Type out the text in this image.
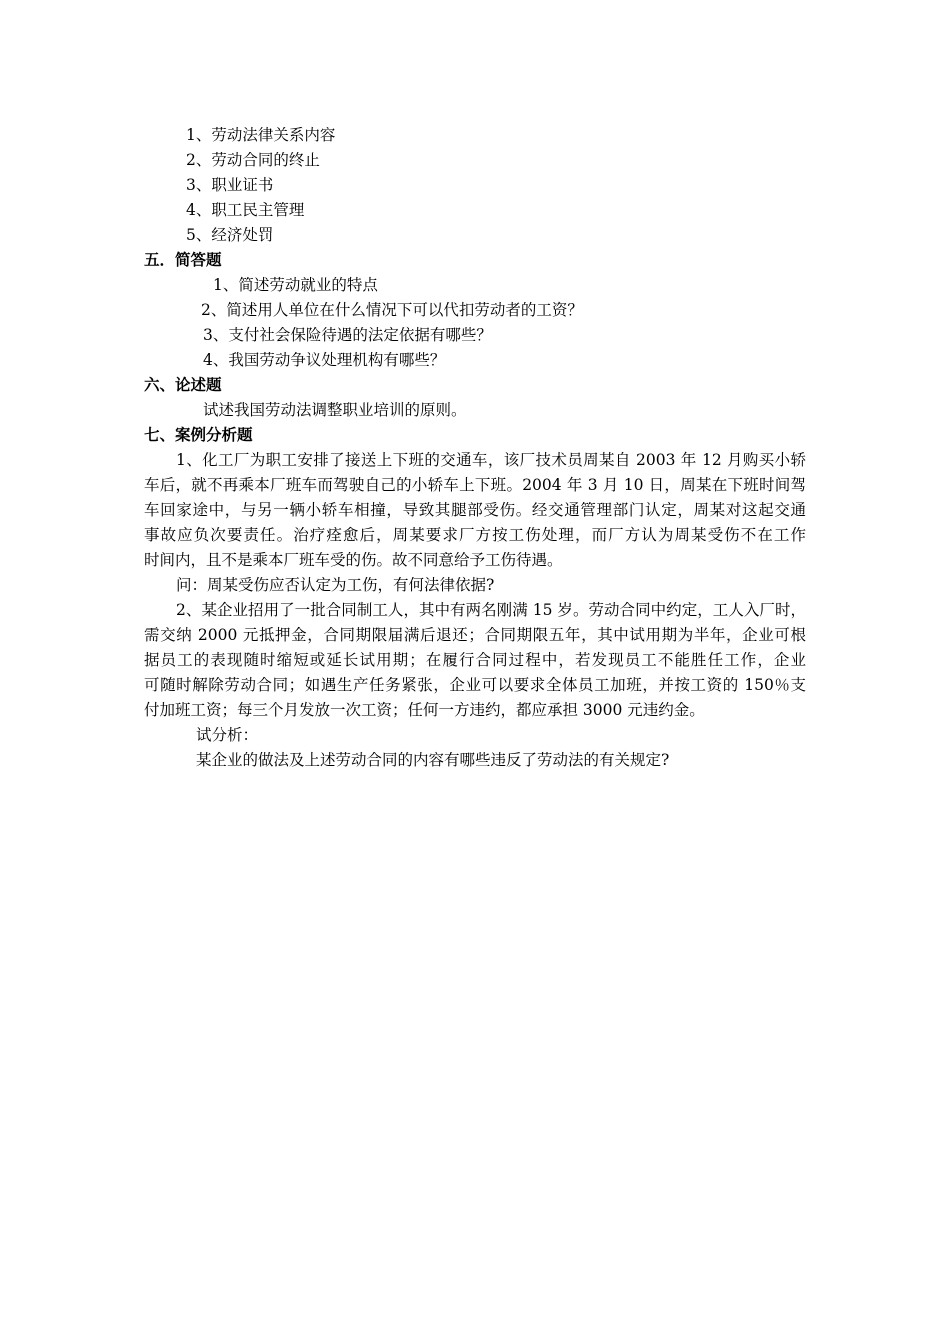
1、劳动法律关系内容
2、劳动合同的终止
3、职业证书
4、职工民主管理
5、经济处罚
五．简答题
1、简述劳动就业的特点
2、简述用人单位在什么情况下可以代扣劳动者的工资？
3、支付社会保险待遇的法定依据有哪些？
4、我国劳动争议处理机构有哪些？
六、论述题
试述我国劳动法调整职业培训的原则。
七、案例分析题
1、化工厂为职工安排了接送上下班的交通车，该厂技术员周某自 2003 年 12 月购买小轿
车后，就不再乘本厂班车而驾驶自己的小轿车上下班。2004 年 3 月 10 日，周某在下班时间驾
车回家途中，与另一辆小轿车相撞，导致其腿部受伤。经交通管理部门认定，周某对这起交通
事故应负次要责任。治疗痊愈后，周某要求厂方按工伤处理，而厂方认为周某受伤不在工作
时间内，且不是乘本厂班车受的伤。故不同意给予工伤待遇。
问：周某受伤应否认定为工伤，有何法律依据?
2、某企业招用了一批合同制工人，其中有两名刚满 15 岁。劳动合同中约定，工人入厂时，
需交纳 2000 元抵押金，合同期限届满后退还；合同期限五年，其中试用期为半年，企业可根
据员工的表现随时缩短或延长试用期；在履行合同过程中，若发现员工不能胜任工作，企业
可随时解除劳动合同；如遇生产任务紧张，企业可以要求全体员工加班，并按工资的 150％支
付加班工资；每三个月发放一次工资；任何一方违约，都应承担 3000 元违约金。
试分析：
某企业的做法及上述劳动合同的内容有哪些违反了劳动法的有关规定?
